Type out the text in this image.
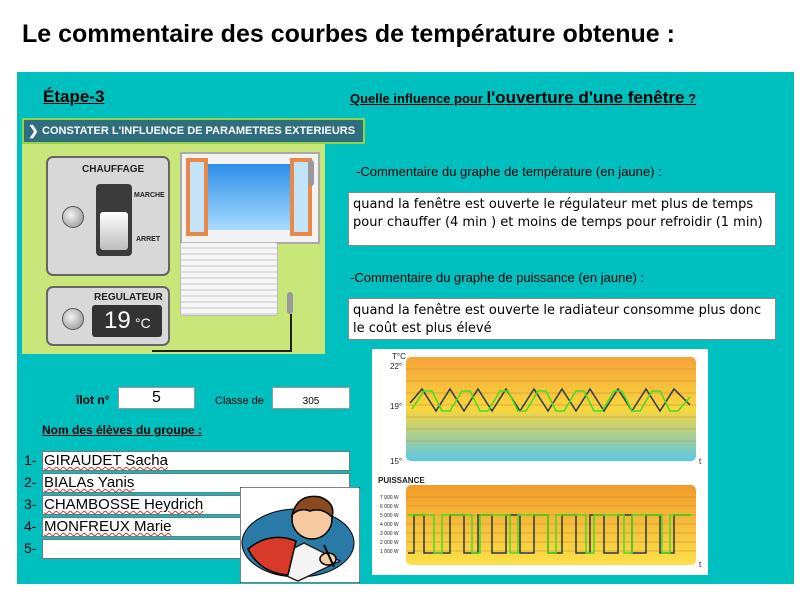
Le commentaire des courbes de température obtenue :
Étape-3	Quelle influence pour l'ouverture d'une fenêtre ?
❯ CONSTATER L'INFLUENCE DE PARAMETRES EXTERIEURS
CHAUFFAGE
MARCHE
ARRET
REGULATEUR
19 °C
-Commentaire du graphe de température (en jaune) :
quand la fenêtre est ouverte le régulateur met plus de temps pour chauffer (4 min ) et moins de temps pour refroidir (1 min)
-Commentaire du graphe de puissance (en jaune) :
quand la fenêtre est ouverte le radiateur consomme plus donc le coût est plus élevé
îlot n°	5	Classe de	305
Nom des élèves du groupe :
1- GIRAUDET Sacha
2- BIALAs Yanis
3- CHAMBOSSE Heydrich
4- MONFREUX Marie
5-
T°C
22°
19°
15°	t
PUISSANCE
7 000 W
6 000 W
5 000 W
4 000 W
3 000 W
2 000 W
1 000 W
t
